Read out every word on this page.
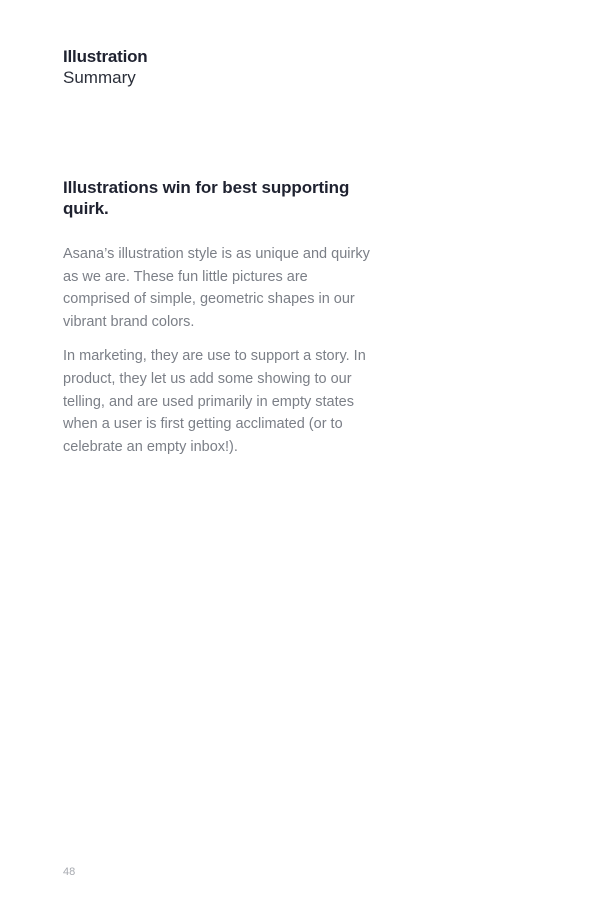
Illustration
Summary
Illustrations win for best supporting quirk.

Asana’s illustration style is as unique and quirky as we are. These fun little pictures are comprised of simple, geometric shapes in our vibrant brand colors.

In marketing, they are use to support a story. In product, they let us add some showing to our telling, and are used primarily in empty states when a user is first getting acclimated (or to celebrate an empty inbox!).

48
